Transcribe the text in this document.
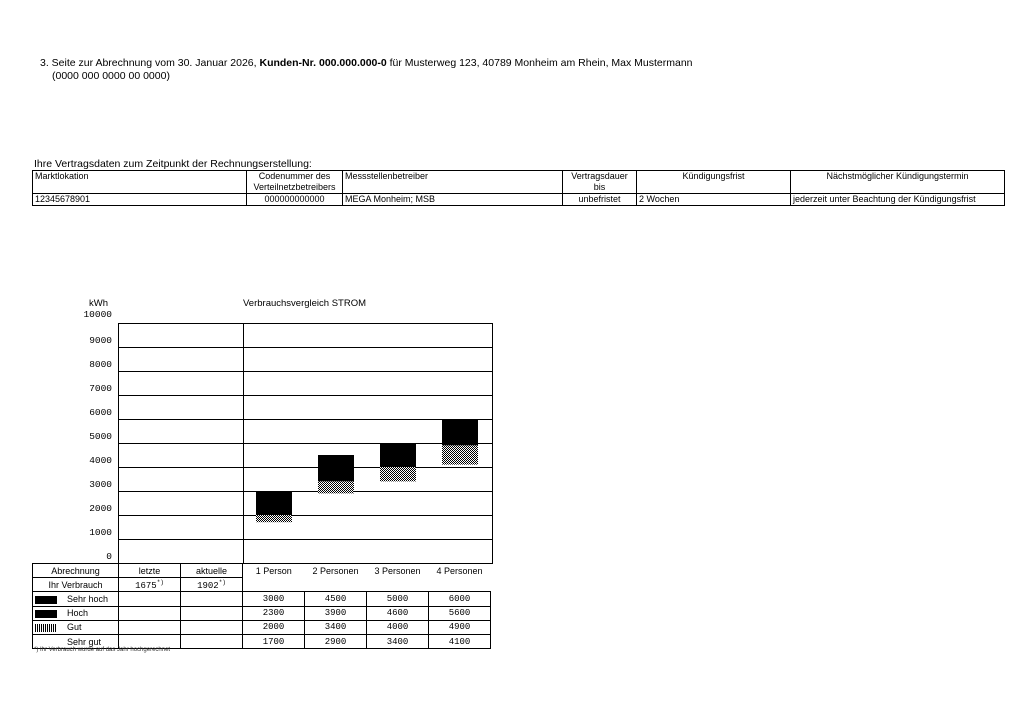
3. Seite zur Abrechnung vom 30. Januar 2026, Kunden-Nr. 000.000.000-0 für Musterweg 123, 40789 Monheim am Rhein, Max Mustermann
(0000 000 0000 00 0000)
Ihre Vertragsdaten zum Zeitpunkt der Rechnungserstellung:
Marktlokation	Codenummer des Verteilnetzbetreibers	Messstellenbetreiber	Vertragsdauer bis	Kündigungsfrist	Nächstmöglicher Kündigungstermin
12345678901	000000000000	MEGA Monheim; MSB	unbefristet	2 Wochen	jederzeit unter Beachtung der Kündigungsfrist
kWh	Verbrauchsvergleich STROM
10000
9000
8000
7000
6000
5000
4000
3000
2000
1000
0
Abrechnung	letzte	aktuelle	1 Person	2 Personen	3 Personen	4 Personen
Ihr Verbrauch	1675*)	1902*)				
Sehr hoch			3000	4500	5000	6000
Hoch			2300	3900	4600	5600
Gut			2000	3400	4000	4900
Sehr gut			1700	2900	3400	4100
*) Ihr Verbrauch wurde auf das Jahr hochgerechnet
